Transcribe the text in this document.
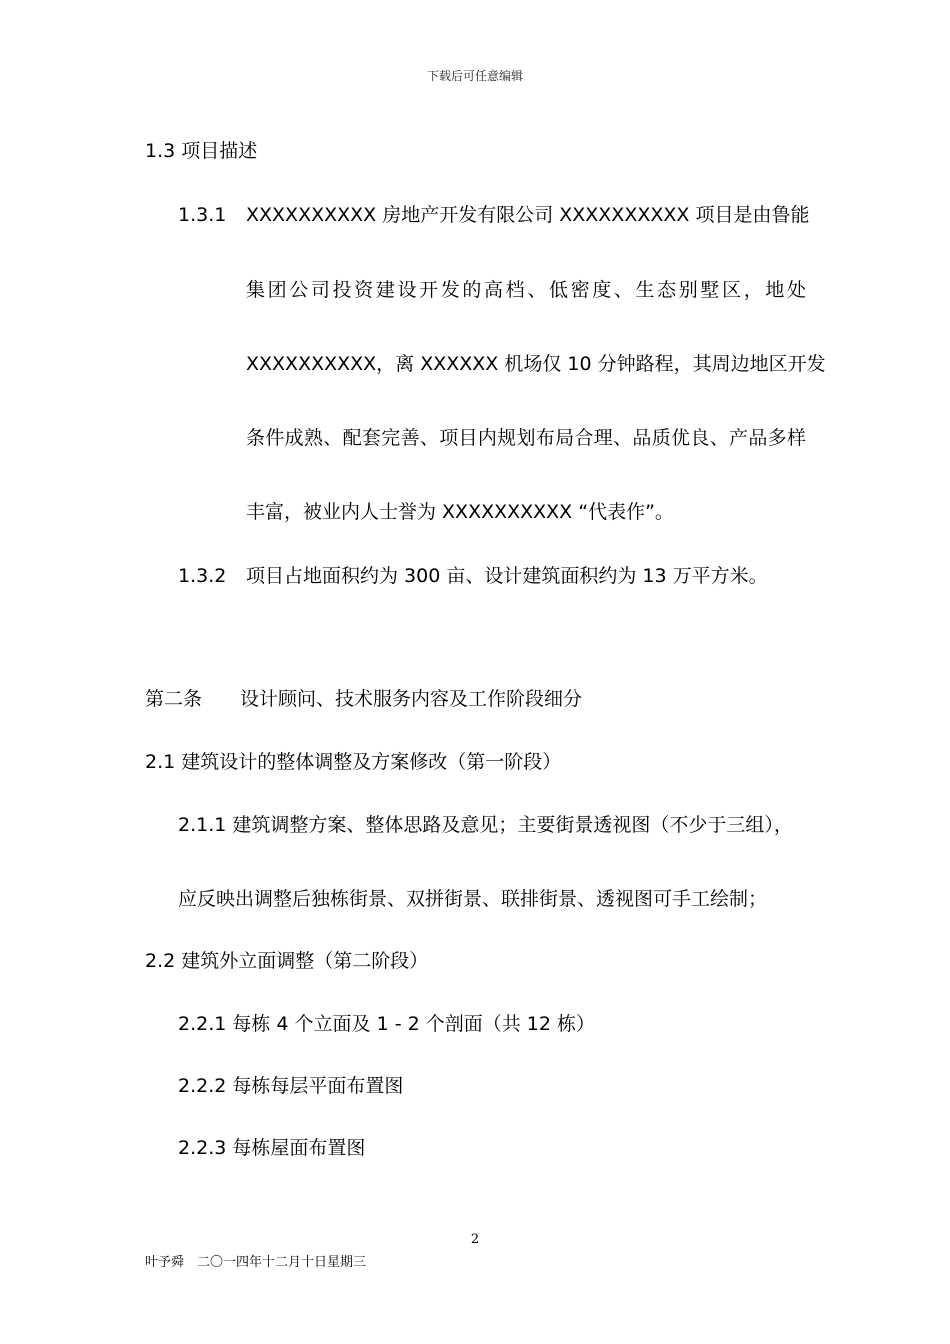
下载后可任意编辑
1.3 项目描述
1.3.1 XXXXXXXXXX 房地产开发有限公司 XXXXXXXXXX 项目是由鲁能
集团公司投资建设开发的高档、低密度、生态别墅区，地处
XXXXXXXXXX，离 XXXXXX 机场仅 10 分钟路程，其周边地区开发
条件成熟、配套完善、项目内规划布局合理、品质优良、产品多样
丰富，被业内人士誉为 XXXXXXXXXX “代表作”。
1.3.2 项目占地面积约为 300 亩、设计建筑面积约为 13 万平方米。
第二条 设计顾问、技术服务内容及工作阶段细分
2.1 建筑设计的整体调整及方案修改（第一阶段）
2.1.1 建筑调整方案、整体思路及意见；主要街景透视图（不少于三组），
应反映出调整后独栋街景、双拼街景、联排街景、透视图可手工绘制；
2.2 建筑外立面调整（第二阶段）
2.2.1 每栋 4 个立面及 1 - 2 个剖面（共 12 栋）
2.2.2 每栋每层平面布置图
2.2.3 每栋屋面布置图
2
叶予舜　二〇一四年十二月十日星期三
